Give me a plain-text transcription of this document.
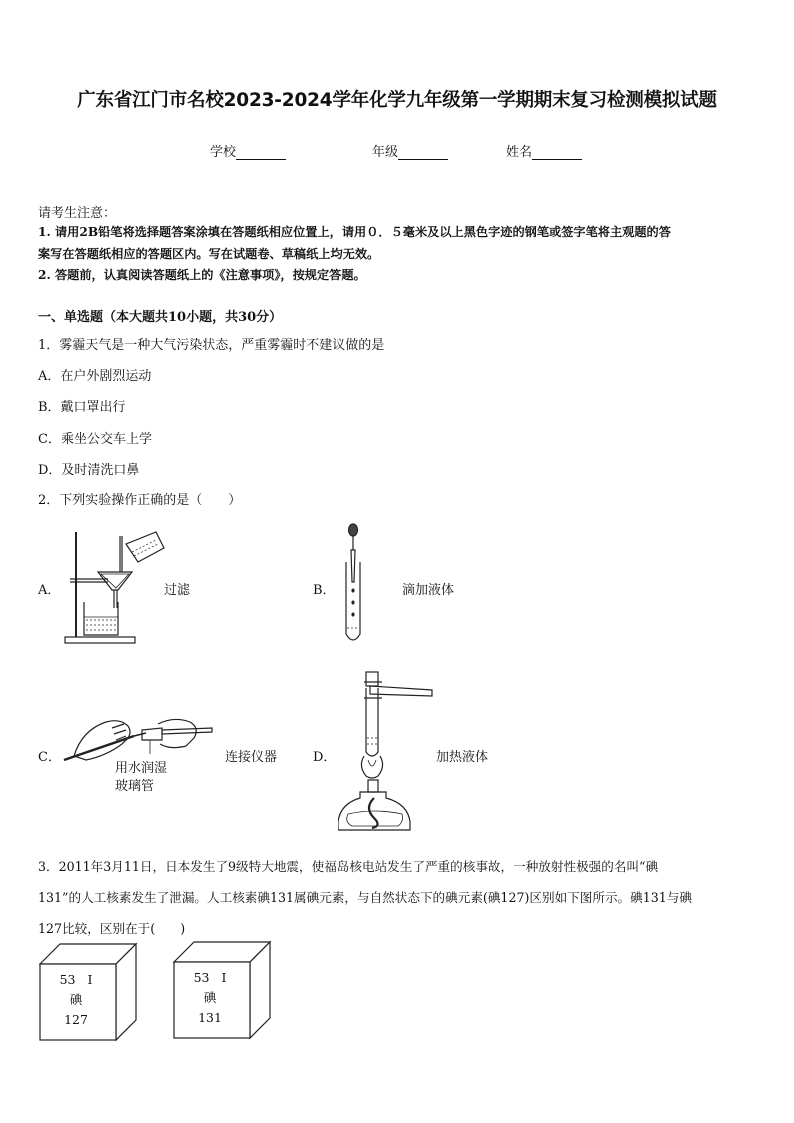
广东省江门市名校2023-2024学年化学九年级第一学期期末复习检测模拟试题
学校	年级	姓名
请考生注意：
1. 请用2B铅笔将选择题答案涂填在答题纸相应位置上，请用０．５毫米及以上黑色字迹的钢笔或签字笔将主观题的答
案写在答题纸相应的答题区内。写在试题卷、草稿纸上均无效。
2. 答题前，认真阅读答题纸上的《注意事项》，按规定答题。
一、单选题（本大题共10小题，共30分）
1．雾霾天气是一种大气污染状态，严重雾霾时不建议做的是
A．在户外剧烈运动
B．戴口罩出行
C．乘坐公交车上学
D．及时清洗口鼻
2．下列实验操作正确的是（　　）
A．	过滤	B．	滴加液体
C．
用水润湿
玻璃管
连接仪器	D．	加热液体
3．2011年3月11日，日本发生了9级特大地震，使福岛核电站发生了严重的核事故，一种放射性极强的名叫“碘
131”的人工核素发生了泄漏。人工核素碘131属碘元素，与自然状态下的碘元素(碘127)区别如下图所示。碘131与碘
127比较，区别在于(　　)
53 I
碘
127
53 I
碘
131
